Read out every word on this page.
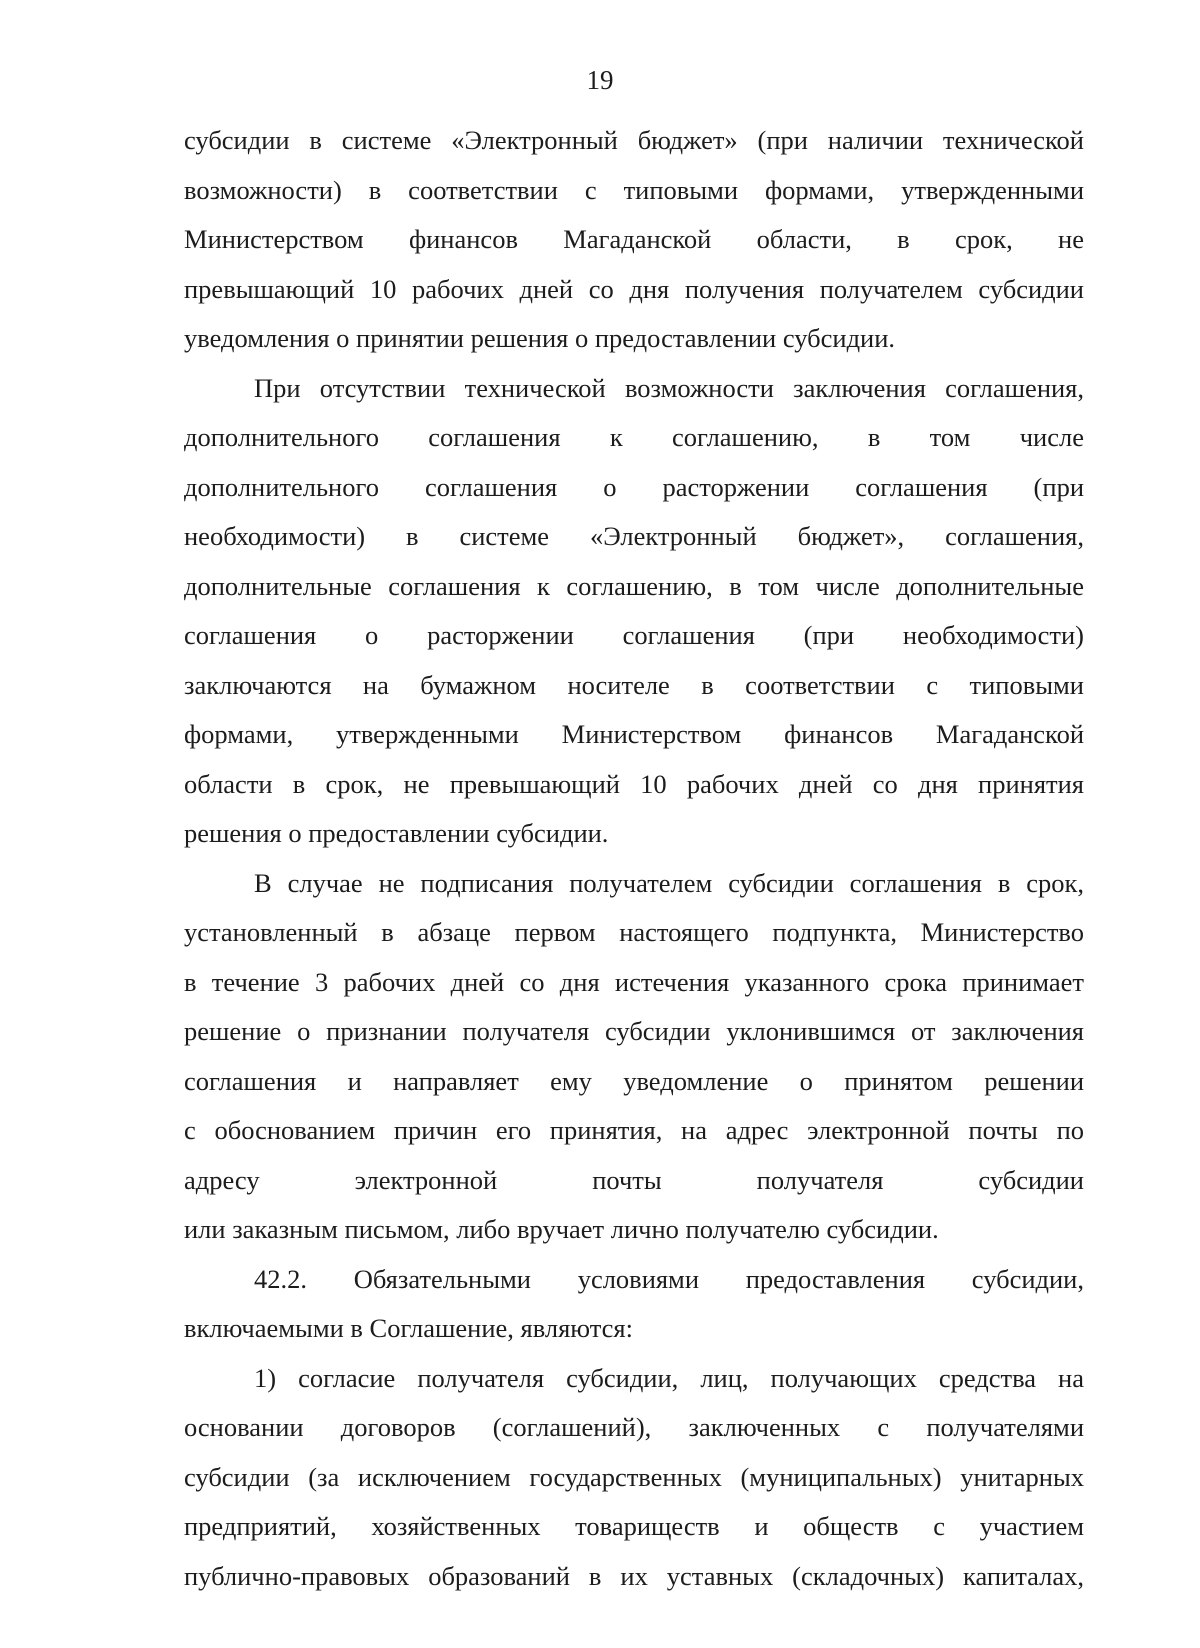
19
субсидии в системе «Электронный бюджет» (при наличии технической
возможности) в соответствии с типовыми формами, утвержденными
Министерством финансов Магаданской области, в срок, не
превышающий 10 рабочих дней со дня получения получателем субсидии
уведомления о принятии решения о предоставлении субсидии.
При отсутствии технической возможности заключения соглашения,
дополнительного соглашения к соглашению, в том числе
дополнительного соглашения о расторжении соглашения (при
необходимости) в системе «Электронный бюджет», соглашения,
дополнительные соглашения к соглашению, в том числе дополнительные
соглашения о расторжении соглашения (при необходимости)
заключаются на бумажном носителе в соответствии с типовыми
формами, утвержденными Министерством финансов Магаданской
области в срок, не превышающий 10 рабочих дней со дня принятия
решения о предоставлении субсидии.
В случае не подписания получателем субсидии соглашения в срок,
установленный в абзаце первом настоящего подпункта, Министерство
в течение 3 рабочих дней со дня истечения указанного срока принимает
решение о признании получателя субсидии уклонившимся от заключения
соглашения и направляет ему уведомление о принятом решении
с обоснованием причин его принятия, на адрес электронной почты по
адресу электронной почты получателя субсидии
или заказным письмом, либо вручает лично получателю субсидии.
42.2. Обязательными условиями предоставления субсидии,
включаемыми в Соглашение, являются:
1) согласие получателя субсидии, лиц, получающих средства на
основании договоров (соглашений), заключенных с получателями
субсидии (за исключением государственных (муниципальных) унитарных
предприятий, хозяйственных товариществ и обществ с участием
публично-правовых образований в их уставных (складочных) капиталах,
